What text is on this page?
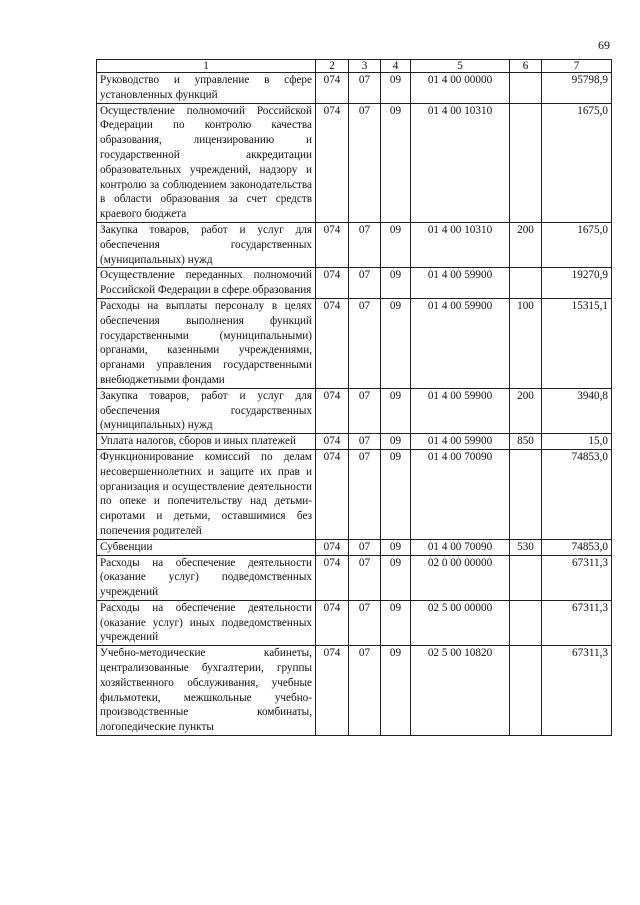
69
1	2	3	4	5	6	7
Руководство и управление в сфере установленных функций	074	07	09	01 4 00 00000		95798,9
Осуществление полномочий Российской Федерации по контролю качества образования, лицензированию и государственной аккредитации образовательных учреждений, надзору и контролю за соблюдением законодательства в области образования за счет средств краевого бюджета	074	07	09	01 4 00 10310		1675,0
Закупка товаров, работ и услуг для обеспечения государственных (муниципальных) нужд	074	07	09	01 4 00 10310	200	1675,0
Осуществление переданных полномочий Российской Федерации в сфере образования	074	07	09	01 4 00 59900		19270,9
Расходы на выплаты персоналу в целях обеспечения выполнения функций государственными (муниципальными) органами, казенными учреждениями, органами управления государственными внебюджетными фондами	074	07	09	01 4 00 59900	100	15315,1
Закупка товаров, работ и услуг для обеспечения государственных (муниципальных) нужд	074	07	09	01 4 00 59900	200	3940,8
Уплата налогов, сборов и иных платежей	074	07	09	01 4 00 59900	850	15,0
Функционирование комиссий по делам несовершеннолетних и защите их прав и организация и осуществление деятельности по опеке и попечительству над детьми-сиротами и детьми, оставшимися без попечения родителей	074	07	09	01 4 00 70090		74853,0
Субвенции	074	07	09	01 4 00 70090	530	74853,0
Расходы на обеспечение деятельности (оказание услуг) подведомственных учреждений	074	07	09	02 0 00 00000		67311,3
Расходы на обеспечение деятельности (оказание услуг) иных подведомственных учреждений	074	07	09	02 5 00 00000		67311,3
Учебно-методические кабинеты, централизованные бухгалтерии, группы хозяйственного обслуживания, учебные фильмотеки, межшкольные учебно-производственные комбинаты, логопедические пункты	074	07	09	02 5 00 10820		67311,3
